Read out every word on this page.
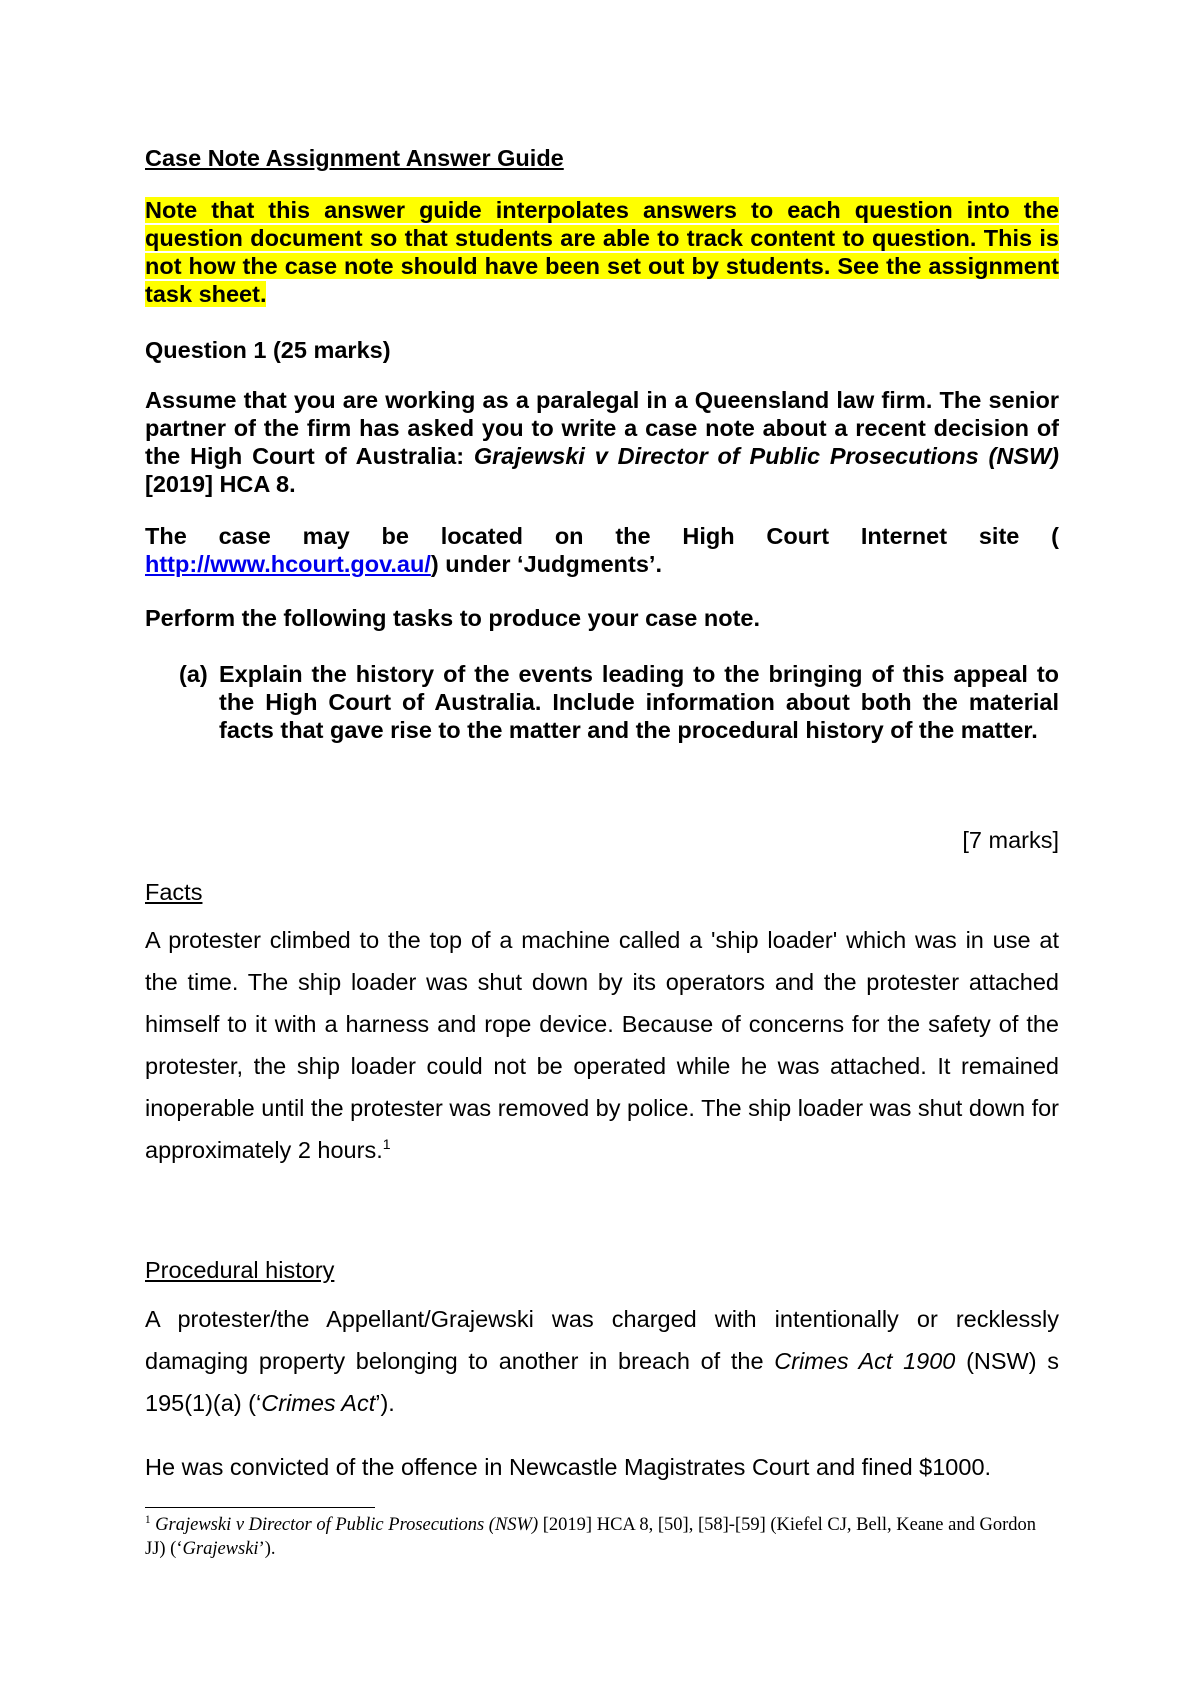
Case Note Assignment Answer Guide

Note that this answer guide interpolates answers to each question into the question document so that students are able to track content to question. This is not how the case note should have been set out by students. See the assignment task sheet.

Question 1 (25 marks)

Assume that you are working as a paralegal in a Queensland law firm. The senior partner of the firm has asked you to write a case note about a recent decision of the High Court of Australia: Grajewski v Director of Public Prosecutions (NSW) [2019] HCA 8.

The case may be located on the High Court Internet site (

http://www.hcourt.gov.au/) under ‘Judgments’.

Perform the following tasks to produce your case note.

(a) Explain the history of the events leading to the bringing of this appeal to the High Court of Australia. Include information about both the material facts that gave rise to the matter and the procedural history of the matter.

[7 marks]

Facts

A protester climbed to the top of a machine called a 'ship loader' which was in use at the time. The ship loader was shut down by its operators and the protester attached himself to it with a harness and rope device. Because of concerns for the safety of the protester, the ship loader could not be operated while he was attached. It remained inoperable until the protester was removed by police. The ship loader was shut down for approximately 2 hours.$^1$

Procedural history

A protester/the Appellant/Grajewski was charged with intentionally or recklessly damaging property belonging to another in breach of the Crimes Act 1900 (NSW) s 195(1)(a) (‘Crimes Act’).

He was convicted of the offence in Newcastle Magistrates Court and fined $1000.

$^1$ Grajewski v Director of Public Prosecutions (NSW) [2019] HCA 8, [50], [58]-[59] (Kiefel CJ, Bell, Keane and Gordon JJ) (‘Grajewski’).
